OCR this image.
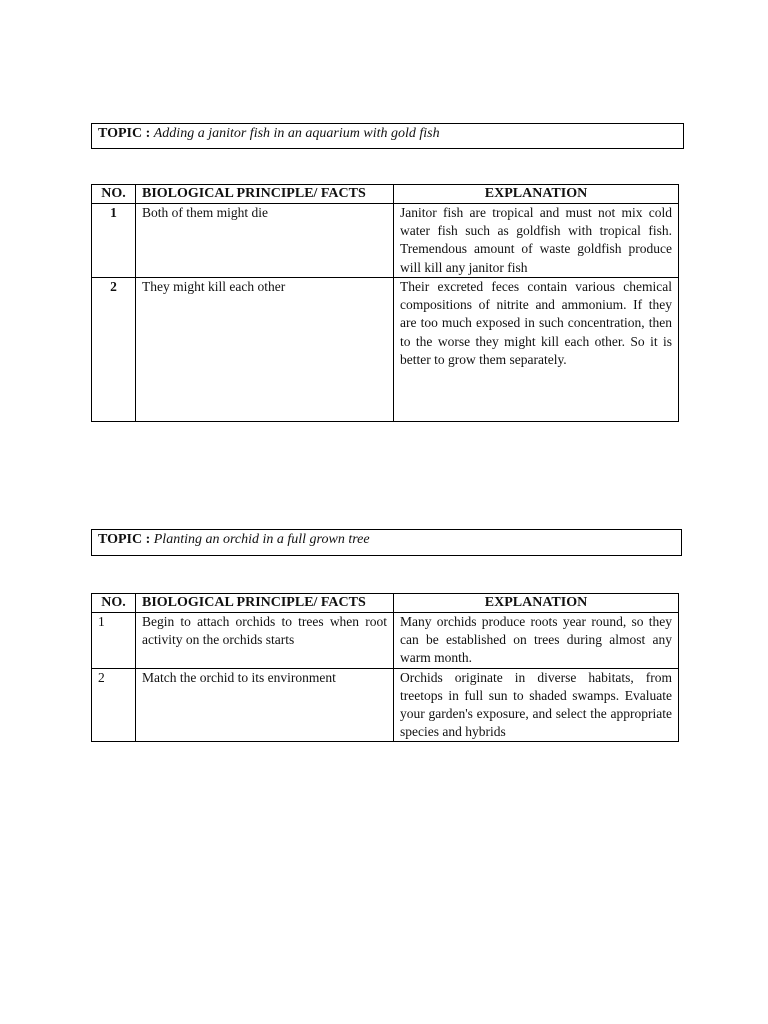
TOPIC : Adding a janitor fish in an aquarium with gold fish
NO.	BIOLOGICAL PRINCIPLE/ FACTS	EXPLANATION
1	Both of them might die	Janitor fish are tropical and must not mix cold water fish such as goldfish with tropical fish. Tremendous amount of waste goldfish produce will kill any janitor fish
2	They might kill each other	Their excreted feces contain various chemical compositions of nitrite and ammonium. If they are too much exposed in such concentration, then to the worse they might kill each other. So it is better to grow them separately.
TOPIC : Planting an orchid in a full grown tree
NO.	BIOLOGICAL PRINCIPLE/ FACTS	EXPLANATION
1	Begin to attach orchids to trees when root activity on the orchids starts	Many orchids produce roots year round, so they can be established on trees during almost any warm month.
2	Match the orchid to its environment	Orchids originate in diverse habitats, from treetops in full sun to shaded swamps. Evaluate your garden's exposure, and select the appropriate species and hybrids
